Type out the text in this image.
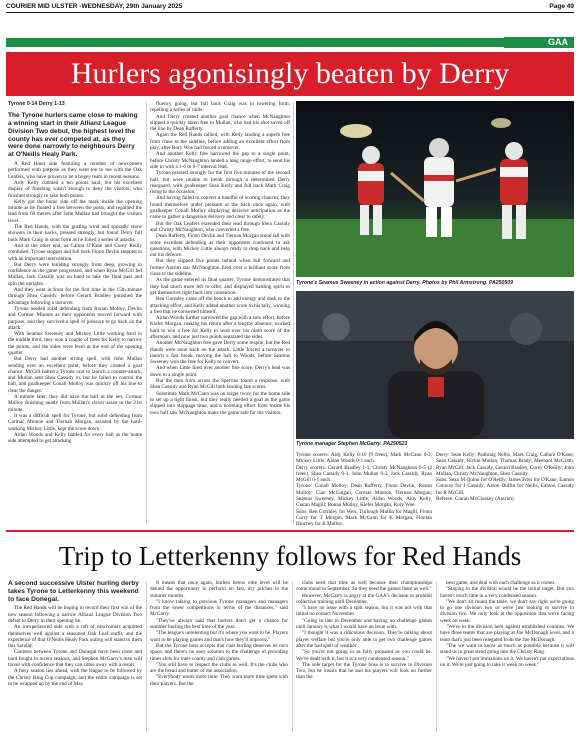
COURIER MID ULSTER -WEDNESDAY, 29th January 2025	Page 49
GAA
Hurlers agonisingly beaten by Derry

Tyrone 0-14 Derry 1-13

The Tyrone hurlers came close to making a winning start in their Allianz League Division Two debut, the highest level the county has ever competed at, as they were done narrowly to neighbours Derry at O'Neills Healy Park.

A Red Hand side featuring a number of newcomers performed with purpose as they went toe to toe with the Oak Leafers, who have proven to be a bogey team in recent seasons.

Aidy Kelly claimed a ten points haul, but his excellent display of finishing wasn't enough to deny the visitors, who finished strongly to take both points.

Kelly got the home side off the mark inside the opening minute as he floated a free between the posts, and regained the lead from 60 metres after John Mullan had brought the visitors level.

The Red Hands, with the gusting wind and sporadic snow showers in their backs, pressed strongly, but found Derry full back Mark Craig in stout form as he foiled a series of attacks.

And at the other end, as Calum O'Kane and Corey Reilly combined, Tyrone stopper and full back Fionn Devlin stepped in with an important intervention.

But Derry were building strongly from deep, growing in confidence as the game progressed, and when Ryan McGill fed Mullan, Jack Cassidy was on hand to take the final pass and split the uprights.

And they went in front for the first time in the 15th minute through Shea Cassidy, before Gerard Bradley punished the advantage following a turnover.

Tyrone needed solid defending from Ronan Molloy, Devlin and Cormac Minnoe as their opponents moved forward with purpose, and they survived a spell of pressure to go back on the attack.

With Seamus Sweeney and Mickey Little working hard in the middle third, they won a couple of frees for Kelly to narrow the points, and the sides were level at the end of the opening quarter.

But Derry had another strong spell, with John Mullan sending over an excellent point, before they created a goal chance. McGill halted a Tyrone raid to launch a counter-attack, and Mullan sent Shea Cassidy in, but he failed to control the ball, and goalkeeper Conall Molloy was quickly off his line to clear the danger.

A minute later, they did have the ball in the net, Cormac Molloy finishing neatly from Mullan's clever assist in the 21st minute.

It was a difficult spell for Tyrone, but solid defending from Cormac Minnoe and Tiernan Morgan, assisted by the hard-working Mickey Little, kept the score down.

Aidan Woods and Kelly battled for every ball as the home side attempted to get attacking

fluency going, but full back Craig was in towering form, repelling a series of raids.

And Derry created another goal chance when McNaughton slipped a quickly taken free to Mullan, who had his shot saved off the line by Dean Rafferty.

Again the Red Hands rallied, with Kelly landing a superb free from close to the sideline, before adding an excellent effort from play, after Rory Woe had forced a turnover.

And another Kelly free narrowed the gap to a single point, before Christy McNaughton landed a long range effort, to send his side in with a 1-6 to 0-7 interval lead.

Tyrone pressed strongly for the first five minutes of the second half, but were unable to break through a determined Derry rearguard, with goalkeeper Sean Kelly and full back Mark Craig rising to the occasion.

And having failed to convert a handful of scoring chances, they found themselves under pressure at the back once again, with goalkeeper Conall Molloy displaying decisive anticipation as the came to gather a dangerous delivery and clear to safety.

But the Oak Leafers extended their lead through Shea Cassidy and Christy McNaughton, who converted a free.

Dean Rafferty, Fionn Devlin and Tiernan Morgan stood tall with some excellent defending as their opponents continued to ask questions, with Mickey Little always ready to drop back and help out his defence.

But they slipped five points behind when full forward and former Antrim star McNaughton fired over a brilliant score from close to the sideline.

As the game entered its final quarter, Tyrone demonstrated that they had much more left to offer, and displayed battling spirit to get themselves right back into contention.

Ben Gormley came off the bench to add energy and dash to the attacking effort, and Kelly added another score to his tally, winning a free that he converted himself.

Aidan Woods further narrowed the gap with a solo effort, before Kiefer Morgan, making his return after a lengthy absence, worked hard to win a free for Kelly to send over his ninth score of the afternoon, and now just two points separated the sides.

Another McNaughton free gave Derry some respite, but the Red Hands were soon back on the attack. Little forced a turnover to launch a fast break, moving the ball to Woods, before Seamus Sweeney won the free for Kelly to convert.

And when Little fired over another fine score, Derry's lead was down to a single point.

But the men from across the Sperrins found a response, with Shea Cassidy and Ryan McGill both landing late scores.

Substitute Mark McCann was on target twice for the home side to set up a tight finish, but they really needed a goal as the game slipped into stoppage time, and a booming effort from inside his own half saw McNaughton make the game safe for the visitors.

Tyrone's Seamus Sweeney in action against Derry. Photos by Phil Armstrong. PA250509
Tyrone manager Stephen McGarry. PA250521

Tyrone scorers: Aidy Kelly 0-10 (9 frees), Mark McCann 0-2, Mickey Little, Aidan Woods 0-1 each.

Derry scorers: Gerard Bradley 1-1, Christy McNaughton 0-5 (2 frees), Shea Cassidy 0-3, John Mullan 0-2, Jack Cassidy, Ryan McGill 0-1 each.

Tyrone: Conall Molloy; Dean Rafferty, Fionn Devlin, Ronan Molloy; Cian McGuigan, Cormac Minnoe, Tiernan Morgan; Seamus Sweeney, Mickey Little; Aidan Woods, Aidy Kelly, Ciaran Magill; Ronan Molloy, Kiefer Morgan, Rory Woe.

Subs: Ben Gormley for Weir, Turlough Mullin for Magill, Fionn Corry for T Morgan, Mark McCann for K Morgan, Fiontan Hinchey for R Molloy.

Derry: Sean Kelly; Padhraig Nellis, Mark Craig, Callum O'Kane; Sean Cassidy, Richie Mullan, Thomas Brady; Meehaol McGrath, Ryan McGill; Jack Cassidy, Gerard Bradley, Corey O'Reilly; John Mullan, Christy McNaughton, Shea Cassidy.

Subs: Sean M Quinn for O'Reilly, James Friel for O'Kane, Eamon Conway for J Cassidy, Aaron Duffin for Nellis, Eamon Cassidy for R McGill.

Referee: Ciaran McCloskey (Antrim).

Trip to Letterkenny follows for Red Hands

A second successive Ulster hurling derby takes Tyrone to Letterkenny this weekend to face Donegal.

The Red Hands will be hoping to record their first win of the new season following a narrow Allianz League Division Two defeat to Derry in their opening tie.

An inexperienced side with a raft of newcomers acquitted themselves well against a seasoned Oak Leaf outfit, and the experience of that O'Neills Healy Park outing will stand to them this Sunday.

Contests between Tyrone and Donegal have been close and hard fought in recent seasons, and Stephen McGarry's men will travel with confidence that they can come away with a result.

A busy season lies ahead, with the league to be followed by the Christy Ring Cup campaign, and the entire campaign is set to be wrapped up by the end of May.

It means that once again, hurlers below elite level will be denied the opportunity to perform on fast, dry pitches in the summer months.

"I know talking to previous Tyrone managers and managers from the lower competitions in terms of the distances," said McGarry.

"They've always said that hurlers don't get a chance for summer hurling the best time of the year.

"The league's unrelenting but it's where you want to be. Players want to be playing games and that's how they'll improve."

But the Tyrone boss accepts that club hurling deserves its own space, and there's no easy solution to the challenge of providing times slots for inter-county and club games.

"You still have to respect the clubs as well. It's the clubs who are the bread and butter of the association.

"Everybody wants more time. They want more time spent with their players. But the

clubs need that time as well because their championships come round in September. So they need the games there as well."

However, McGarry is angry at the GAA's decision to prohibit collective training until December.

"I have no issue with a split season, but it was not with that initial no contact November.

"Going in late in December and having no challenge games until January is what I would have an issue with.

"I thought it was a ridiculous decision. They're talking about player welfare but you're only able to get two challenge games after the bad spell of weather.

"So you're not going in as fully prepared as you could be. We've dealt with it, but it is a very condensed season."

The sole target for the Tyrone boss is to survive in Division Two, but he insists that he and his players will look no further than the

next game, and deal with each challenge as it comes.

"Staying in the division would be the initial target. But you haven't much time in a very condensed season.

"We don't sit round the table, we don't say right we're going to go one division two or we're just looking to survive in division two. We only look at the opposition that we're facing week on week.

"We're in the division here against established counties. We have three teams that are playing at Joe McDonagh level, and a team that's just been relegated from the Joe McDonagh.

"The we want to know as much as possible because it will stand us in great stead going into the Christy Ring.

"We haven't put limitations on it. We haven't put expectations on it. We're just going to take it week on week."
